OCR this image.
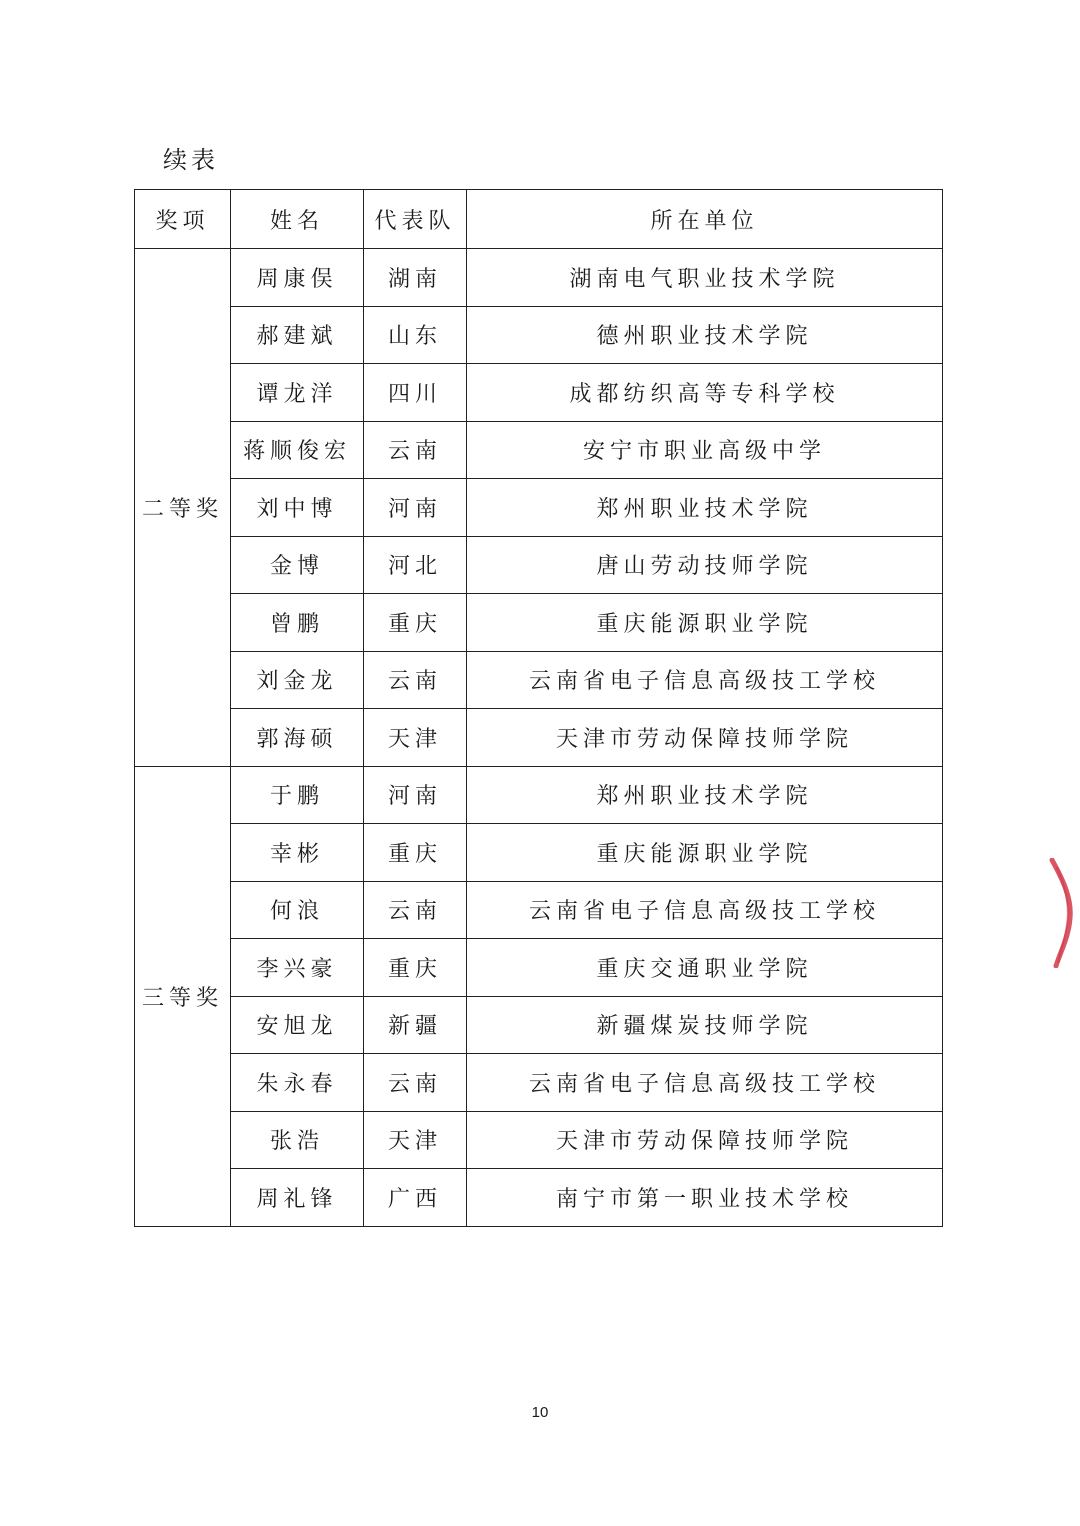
续表
奖项	姓名	代表队	所在单位
二等奖	周康俣	湖南	湖南电气职业技术学院
	郝建斌	山东	德州职业技术学院
	谭龙洋	四川	成都纺织高等专科学校
	蒋顺俊宏	云南	安宁市职业高级中学
	刘中博	河南	郑州职业技术学院
	金博	河北	唐山劳动技师学院
	曾鹏	重庆	重庆能源职业学院
	刘金龙	云南	云南省电子信息高级技工学校
	郭海硕	天津	天津市劳动保障技师学院
三等奖	于鹏	河南	郑州职业技术学院
	幸彬	重庆	重庆能源职业学院
	何浪	云南	云南省电子信息高级技工学校
	李兴豪	重庆	重庆交通职业学院
	安旭龙	新疆	新疆煤炭技师学院
	朱永春	云南	云南省电子信息高级技工学校
	张浩	天津	天津市劳动保障技师学院
	周礼锋	广西	南宁市第一职业技术学校
10
